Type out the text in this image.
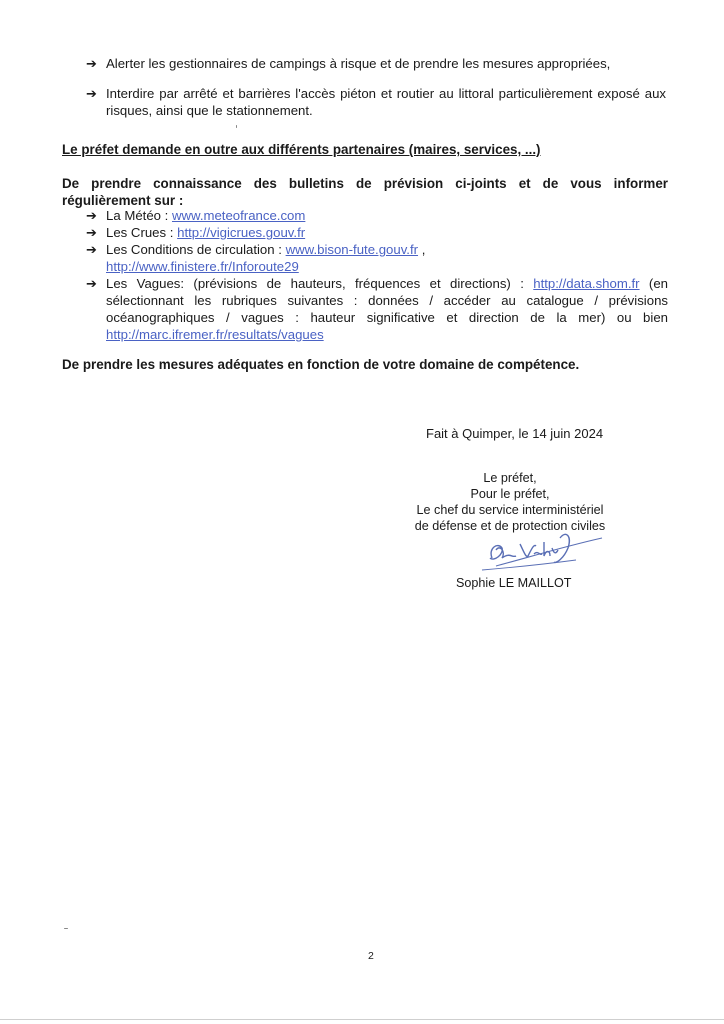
➔ Alerter les gestionnaires de campings à risque et de prendre les mesures appropriées,
➔ Interdire par arrêté et barrières l'accès piéton et routier au littoral particulièrement exposé aux risques, ainsi que le stationnement.
Le préfet demande en outre aux différents partenaires (maires, services, ...)
De prendre connaissance des bulletins de prévision ci-joints et de vous informer régulièrement sur :
➔ La Météo : www.meteofrance.com
➔ Les Crues : http://vigicrues.gouv.fr
➔ Les Conditions de circulation : www.bison-fute.gouv.fr ,
http://www.finistere.fr/Inforoute29
➔ Les Vagues: (prévisions de hauteurs, fréquences et directions) : http://data.shom.fr (en sélectionnant les rubriques suivantes : données / accéder au catalogue / prévisions océanographiques / vagues : hauteur significative et direction de la mer) ou bien http://marc.ifremer.fr/resultats/vagues
De prendre les mesures adéquates en fonction de votre domaine de compétence.
Fait à Quimper, le 14 juin 2024
Le préfet,
Pour le préfet,
Le chef du service interministériel
de défense et de protection civiles
Sophie LE MAILLOT
2
